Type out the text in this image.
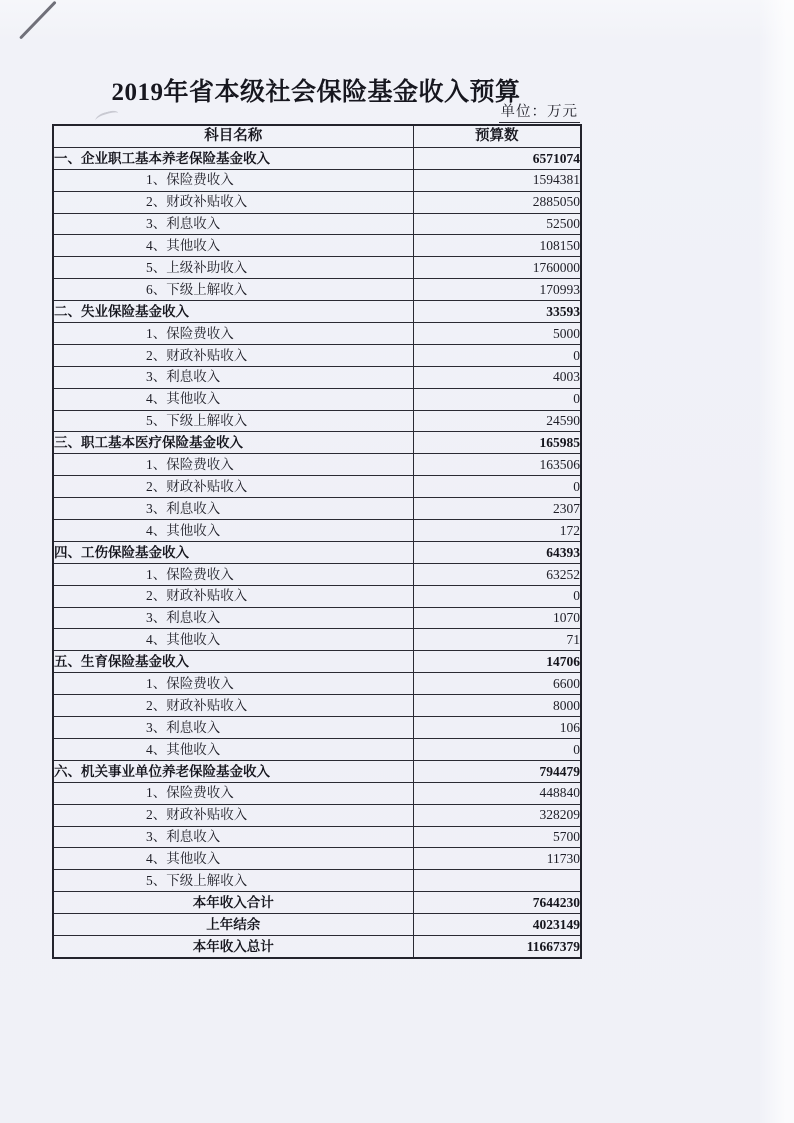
2019年省本级社会保险基金收入预算
单位：万元
科目名称	预算数
一、企业职工基本养老保险基金收入	6571074
1、保险费收入	1594381
2、财政补贴收入	2885050
3、利息收入	52500
4、其他收入	108150
5、上级补助收入	1760000
6、下级上解收入	170993
二、失业保险基金收入	33593
1、保险费收入	5000
2、财政补贴收入	0
3、利息收入	4003
4、其他收入	0
5、下级上解收入	24590
三、职工基本医疗保险基金收入	165985
1、保险费收入	163506
2、财政补贴收入	0
3、利息收入	2307
4、其他收入	172
四、工伤保险基金收入	64393
1、保险费收入	63252
2、财政补贴收入	0
3、利息收入	1070
4、其他收入	71
五、生育保险基金收入	14706
1、保险费收入	6600
2、财政补贴收入	8000
3、利息收入	106
4、其他收入	0
六、机关事业单位养老保险基金收入	794479
1、保险费收入	448840
2、财政补贴收入	328209
3、利息收入	5700
4、其他收入	11730
5、下级上解收入	
本年收入合计	7644230
上年结余	4023149
本年收入总计	11667379
